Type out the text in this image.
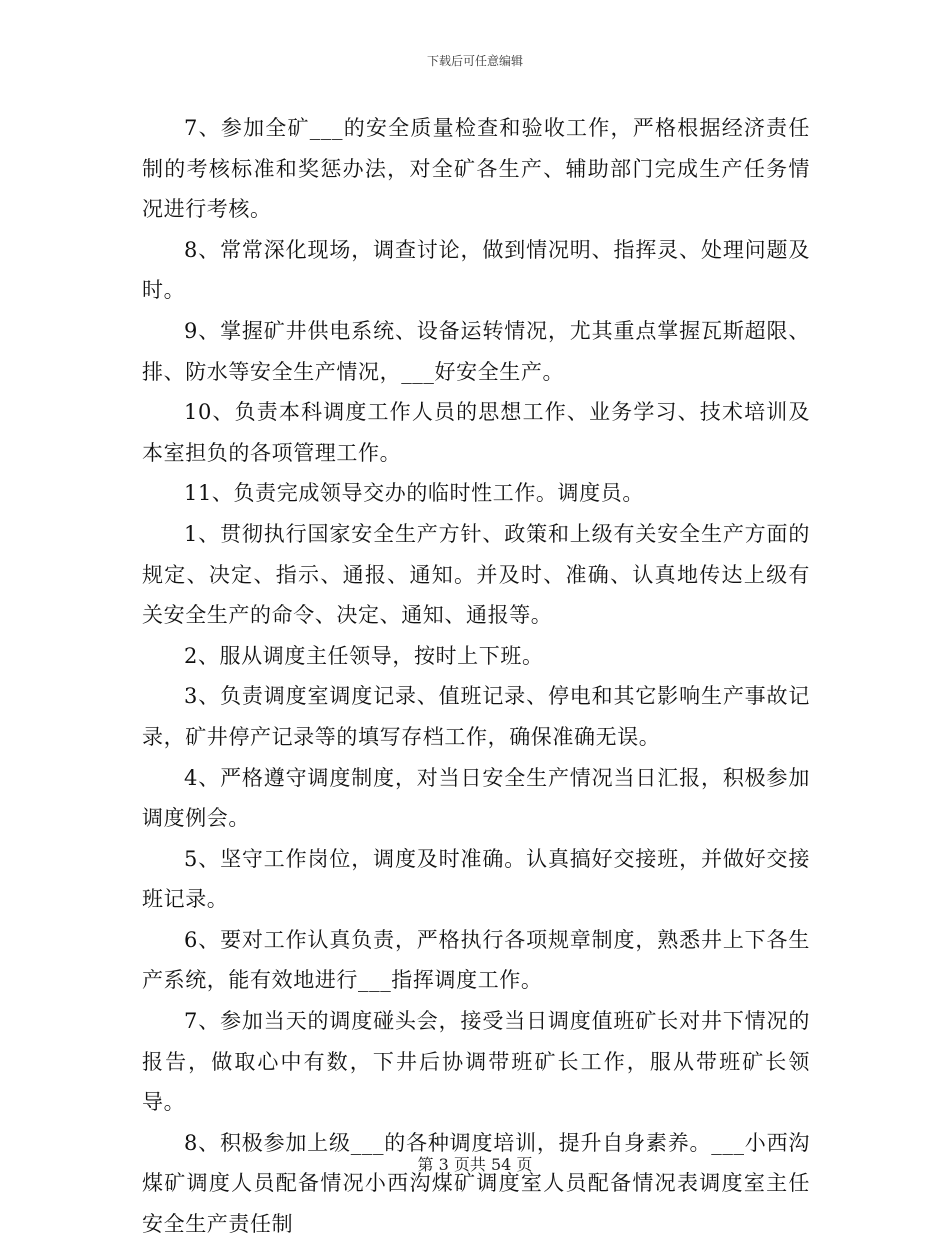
下载后可任意编辑

7、参加全矿___的安全质量检查和验收工作，严格根据经济责任制的考核标准和奖惩办法，对全矿各生产、辅助部门完成生产任务情况进行考核。

8、常常深化现场，调查讨论，做到情况明、指挥灵、处理问题及时。

9、掌握矿井供电系统、设备运转情况，尤其重点掌握瓦斯超限、排、防水等安全生产情况，___好安全生产。

10、负责本科调度工作人员的思想工作、业务学习、技术培训及本室担负的各项管理工作。

11、负责完成领导交办的临时性工作。调度员。

1、贯彻执行国家安全生产方针、政策和上级有关安全生产方面的规定、决定、指示、通报、通知。并及时、准确、认真地传达上级有关安全生产的命令、决定、通知、通报等。

2、服从调度主任领导，按时上下班。

3、负责调度室调度记录、值班记录、停电和其它影响生产事故记录，矿井停产记录等的填写存档工作，确保准确无误。

4、严格遵守调度制度，对当日安全生产情况当日汇报，积极参加调度例会。

5、坚守工作岗位，调度及时准确。认真搞好交接班，并做好交接班记录。

6、要对工作认真负责，严格执行各项规章制度，熟悉井上下各生产系统，能有效地进行___指挥调度工作。

7、参加当天的调度碰头会，接受当日调度值班矿长对井下情况的报告，做取心中有数，下井后协调带班矿长工作，服从带班矿长领导。

8、积极参加上级___的各种调度培训，提升自身素养。___小西沟煤矿调度人员配备情况小西沟煤矿调度室人员配备情况表调度室主任安全生产责任制

第 3 页共 54 页
